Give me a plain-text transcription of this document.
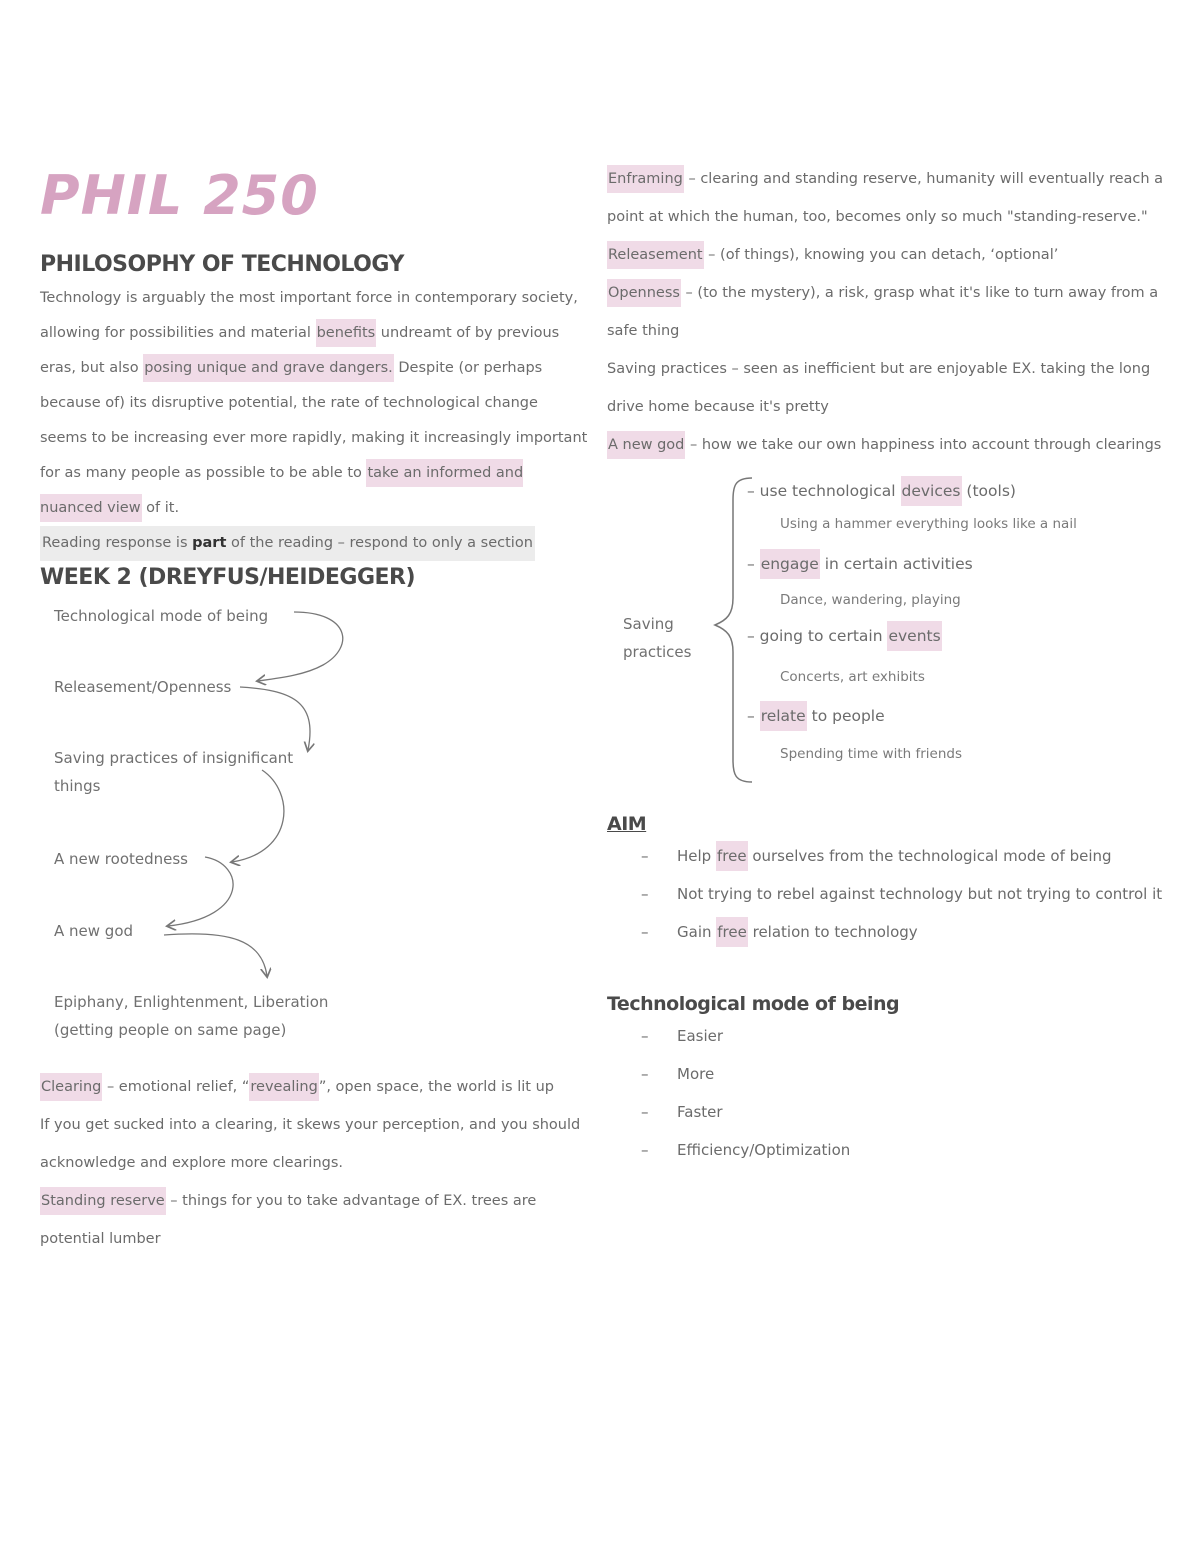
PHIL 250
PHILOSOPHY OF TECHNOLOGY

Technology is arguably the most important force in contemporary society, allowing for possibilities and material benefits undreamt of by previous eras, but also posing unique and grave dangers. Despite (or perhaps because of) its disruptive potential, the rate of technological change seems to be increasing ever more rapidly, making it increasingly important for as many people as possible to be able to take an informed and nuanced view of it.

Reading response is part of the reading – respond to only a section

WEEK 2 (DREYFUS/HEIDEGGER)
Technological mode of being
Releasement/Openness
Saving practices of insignificant
things
A new rootedness
A new god
Epiphany, Enlightenment, Liberation
(getting people on same page)

Clearing – emotional relief, “revealing”, open space, the world is lit up

If you get sucked into a clearing, it skews your perception, and you should acknowledge and explore more clearings.

Standing reserve – things for you to take advantage of EX. trees are potential lumber

Enframing – clearing and standing reserve, humanity will eventually reach a point at which the human, too, becomes only so much "standing-reserve."

Releasement – (of things), knowing you can detach, ‘optional’

Openness – (to the mystery), a risk, grasp what it's like to turn away from a safe thing

Saving practices – seen as inefficient but are enjoyable EX. taking the long drive home because it's pretty

A new god – how we take our own happiness into account through clearings

Saving
practices
– use technological devices (tools)
Using a hammer everything looks like a nail
– engage in certain activities
Dance, wandering, playing
– going to certain events
Concerts, art exhibits
– relate to people
Spending time with friends
AIM
– Help free ourselves from the technological mode of being
– Not trying to rebel against technology but not trying to control it
– Gain free relation to technology
Technological mode of being
– Easier
– More
– Faster
– Efficiency/Optimization
